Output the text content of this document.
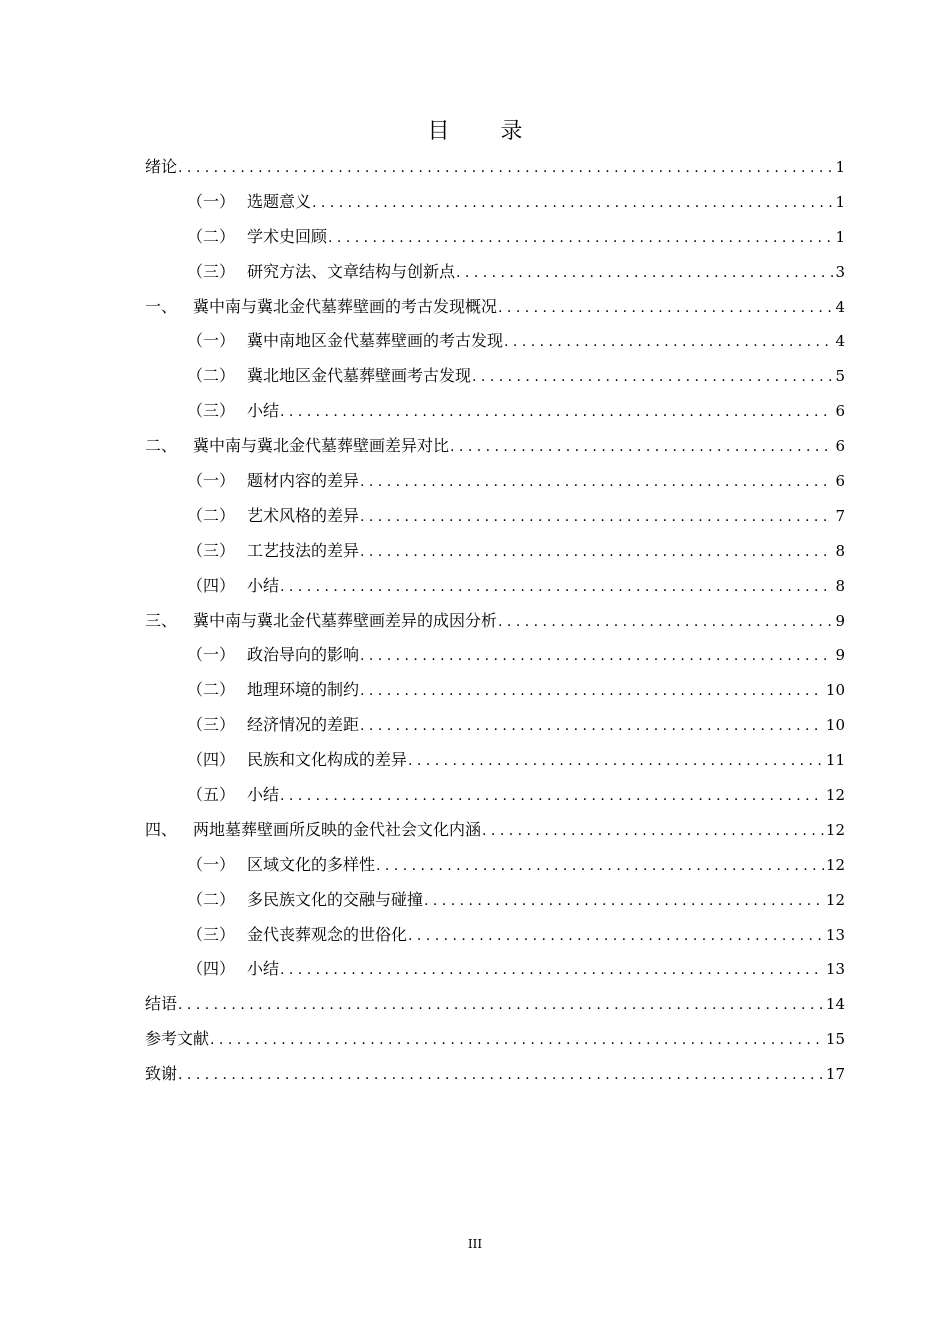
目 录
绪论 . . .	1
（一） 选题意义 . . .	1
（二） 学术史回顾 . . .	1
（三） 研究方法、文章结构与创新点 . . .	3
一、 冀中南与冀北金代墓葬壁画的考古发现概况 . . .	4
（一） 冀中南地区金代墓葬壁画的考古发现 . . .	4
（二） 冀北地区金代墓葬壁画考古发现 . . .	5
（三） 小结 . . .	6
二、 冀中南与冀北金代墓葬壁画差异对比 . . .	6
（一） 题材内容的差异 . . .	6
（二） 艺术风格的差异 . . .	7
（三） 工艺技法的差异 . . .	8
（四） 小结 . . .	8
三、 冀中南与冀北金代墓葬壁画差异的成因分析 . . .	9
（一） 政治导向的影响 . . .	9
（二） 地理环境的制约 . . .	10
（三） 经济情况的差距 . . .	10
（四） 民族和文化构成的差异 . . .	11
（五） 小结 . . .	12
四、 两地墓葬壁画所反映的金代社会文化内涵 . . .	12
（一） 区域文化的多样性 . . .	12
（二） 多民族文化的交融与碰撞 . . .	12
（三） 金代丧葬观念的世俗化 . . .	13
（四） 小结 . . .	13
结语 . . .	14
参考文献 . . .	15
致谢 . . .	17
III
